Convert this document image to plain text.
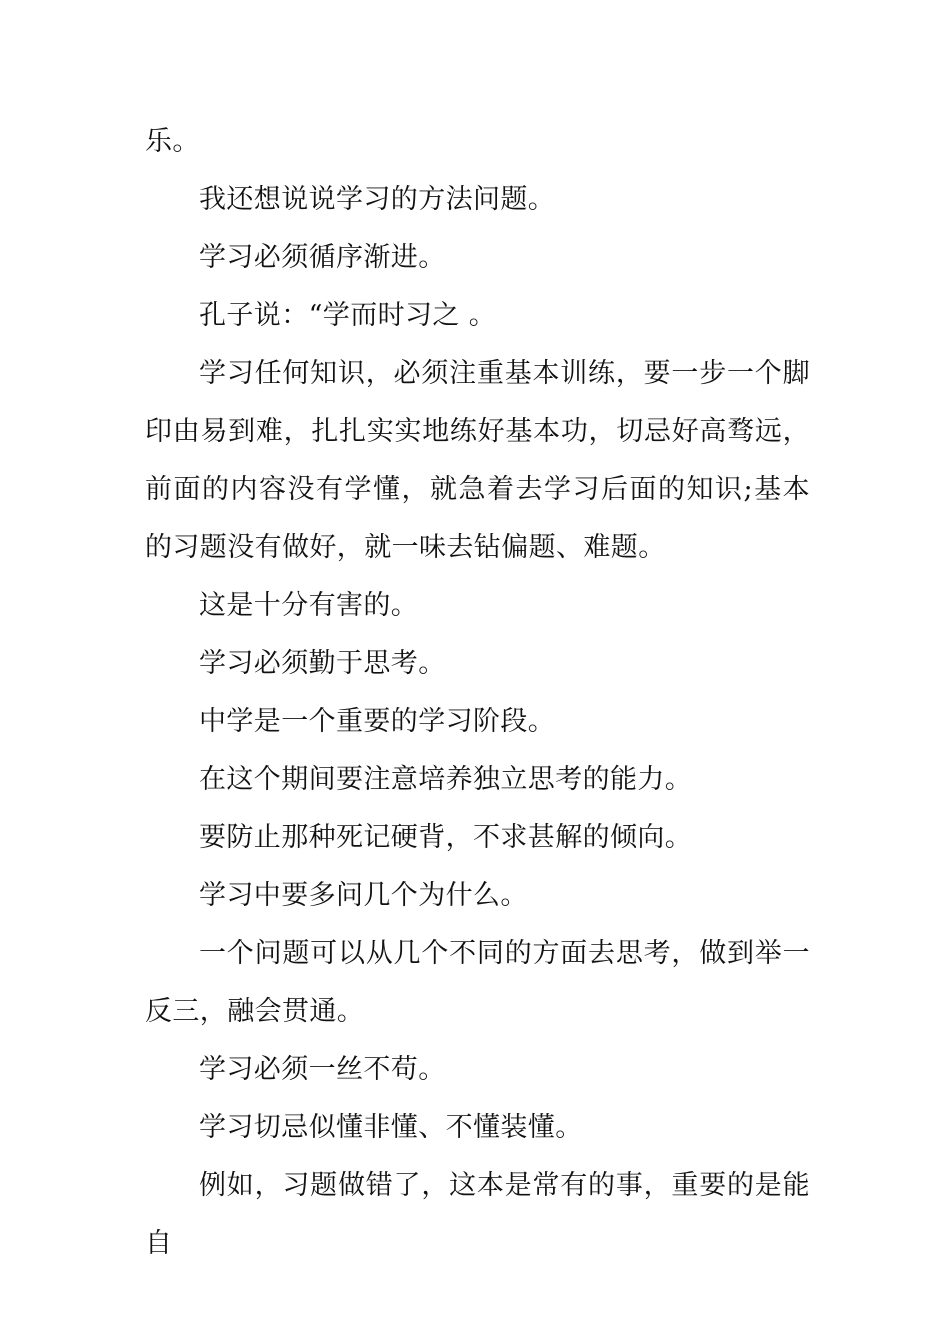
乐。

我还想说说学习的方法问题。

学习必须循序渐进。

孔子说：“学而时习之 。

学习任何知识，必须注重基本训练，要一步一个脚印由易到难，扎扎实实地练好基本功，切忌好高骛远，前面的内容没有学懂，就急着去学习后面的知识;基本的习题没有做好，就一味去钻偏题、难题。

这是十分有害的。

学习必须勤于思考。

中学是一个重要的学习阶段。

在这个期间要注意培养独立思考的能力。

要防止那种死记硬背，不求甚解的倾向。

学习中要多问几个为什么。

一个问题可以从几个不同的方面去思考，做到举一反三，融会贯通。

学习必须一丝不苟。

学习切忌似懂非懂、不懂装懂。

例如，习题做错了，这本是常有的事，重要的是能自
